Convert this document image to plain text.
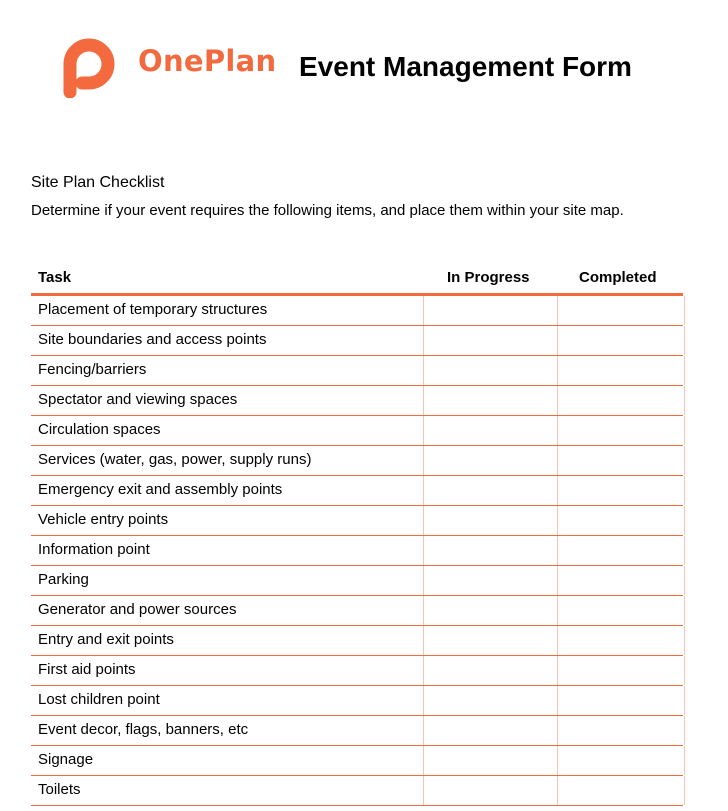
OnePlan Event Management Form
Site Plan Checklist
Determine if your event requires the following items, and place them within your site map.
Task	In Progress	Completed
Placement of temporary structures
Site boundaries and access points
Fencing/barriers
Spectator and viewing spaces
Circulation spaces
Services (water, gas, power, supply runs)
Emergency exit and assembly points
Vehicle entry points
Information point
Parking
Generator and power sources
Entry and exit points
First aid points
Lost children point
Event decor, flags, banners, etc
Signage
Toilets
